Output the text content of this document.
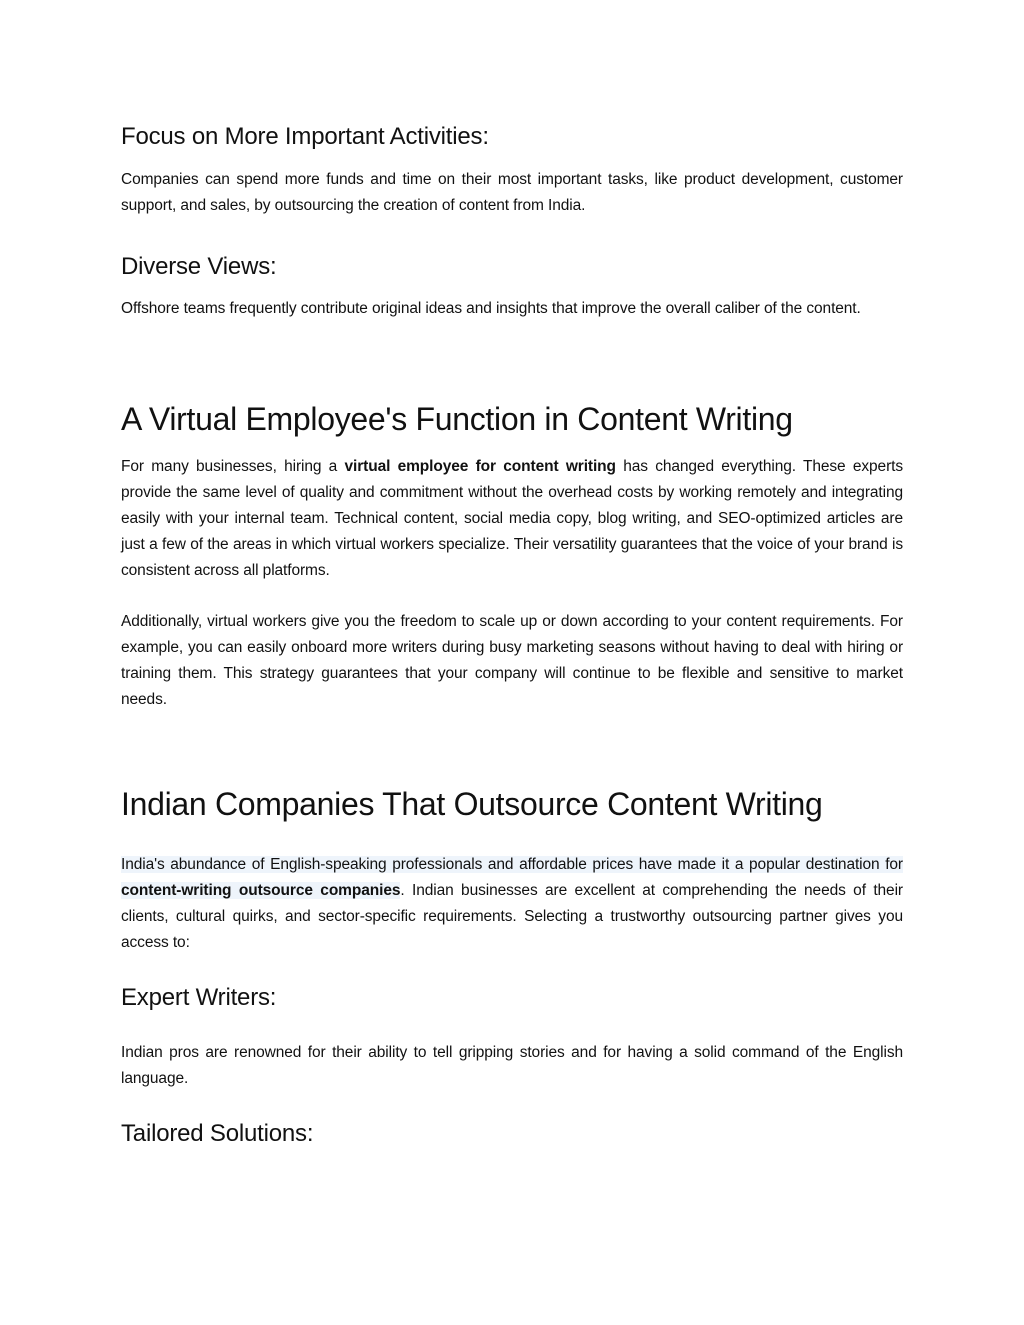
Focus on More Important Activities:

Companies can spend more funds and time on their most important tasks, like product development, customer support, and sales, by outsourcing the creation of content from India.

Diverse Views:

Offshore teams frequently contribute original ideas and insights that improve the overall caliber of the content.

A Virtual Employee's Function in Content Writing

For many businesses, hiring a virtual employee for content writing has changed everything. These experts provide the same level of quality and commitment without the overhead costs by working remotely and integrating easily with your internal team. Technical content, social media copy, blog writing, and SEO-optimized articles are just a few of the areas in which virtual workers specialize. Their versatility guarantees that the voice of your brand is consistent across all platforms.

Additionally, virtual workers give you the freedom to scale up or down according to your content requirements. For example, you can easily onboard more writers during busy marketing seasons without having to deal with hiring or training them. This strategy guarantees that your company will continue to be flexible and sensitive to market needs.

Indian Companies That Outsource Content Writing

India's abundance of English-speaking professionals and affordable prices have made it a popular destination for content-writing outsource companies. Indian businesses are excellent at comprehending the needs of their clients, cultural quirks, and sector-specific requirements. Selecting a trustworthy outsourcing partner gives you access to:

Expert Writers:

Indian pros are renowned for their ability to tell gripping stories and for having a solid command of the English language.

Tailored Solutions:
